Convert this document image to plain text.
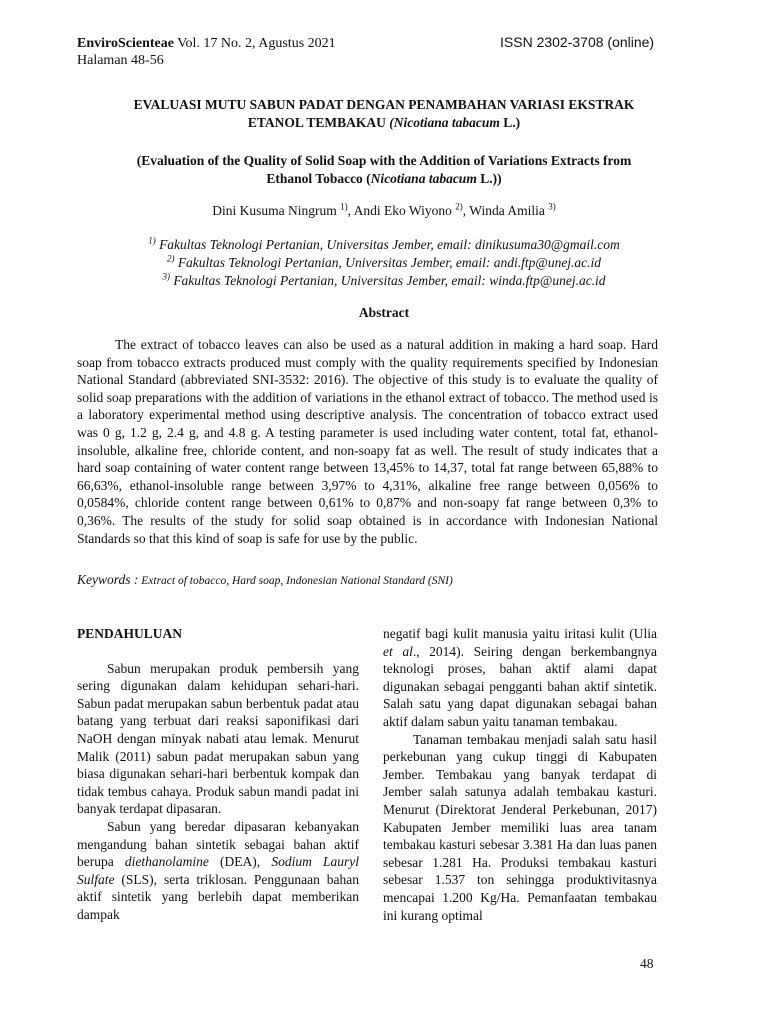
EnviroScienteae Vol. 17 No. 2, Agustus 2021
Halaman 48-56
ISSN 2302-3708 (online)
EVALUASI MUTU SABUN PADAT DENGAN PENAMBAHAN VARIASI EKSTRAK
ETANOL TEMBAKAU (Nicotiana tabacum L.)
(Evaluation of the Quality of Solid Soap with the Addition of Variations Extracts from
Ethanol Tobacco (Nicotiana tabacum L.))
Dini Kusuma Ningrum $^{1)}$, Andi Eko Wiyono $^{2)}$, Winda Amilia $^{3)}$
$^{1)}$ Fakultas Teknologi Pertanian, Universitas Jember, email: dinikusuma30@gmail.com
$^{2)}$ Fakultas Teknologi Pertanian, Universitas Jember, email: andi.ftp@unej.ac.id
$^{3)}$ Fakultas Teknologi Pertanian, Universitas Jember, email: winda.ftp@unej.ac.id
Abstract

The extract of tobacco leaves can also be used as a natural addition in making a hard soap. Hard soap from tobacco extracts produced must comply with the quality requirements specified by Indonesian National Standard (abbreviated SNI-3532: 2016). The objective of this study is to evaluate the quality of solid soap preparations with the addition of variations in the ethanol extract of tobacco. The method used is a laboratory experimental method using descriptive analysis. The concentration of tobacco extract used was 0 g, 1.2 g, 2.4 g, and 4.8 g. A testing parameter is used including water content, total fat, ethanol-insoluble, alkaline free, chloride content, and non-soapy fat as well. The result of study indicates that a hard soap containing of water content range between 13,45% to 14,37, total fat range between 65,88% to 66,63%, ethanol-insoluble range between 3,97% to 4,31%, alkaline free range between 0,056% to 0,0584%, chloride content range between 0,61% to 0,87% and non-soapy fat range between 0,3% to 0,36%. The results of the study for solid soap obtained is in accordance with Indonesian National Standards so that this kind of soap is safe for use by the public.

Keywords : Extract of tobacco, Hard soap, Indonesian National Standard (SNI)
PENDAHULUAN

Sabun merupakan produk pembersih yang sering digunakan dalam kehidupan sehari-hari. Sabun padat merupakan sabun berbentuk padat atau batang yang terbuat dari reaksi saponifikasi dari NaOH dengan minyak nabati atau lemak. Menurut Malik (2011) sabun padat merupakan sabun yang biasa digunakan sehari-hari berbentuk kompak dan tidak tembus cahaya. Produk sabun mandi padat ini banyak terdapat dipasaran.

Sabun yang beredar dipasaran kebanyakan mengandung bahan sintetik sebagai bahan aktif berupa diethanolamine (DEA), Sodium Lauryl Sulfate (SLS), serta triklosan. Penggunaan bahan aktif sintetik yang berlebih dapat memberikan dampak

negatif bagi kulit manusia yaitu iritasi kulit (Ulia et al., 2014). Seiring dengan berkembangnya teknologi proses, bahan aktif alami dapat digunakan sebagai pengganti bahan aktif sintetik. Salah satu yang dapat digunakan sebagai bahan aktif dalam sabun yaitu tanaman tembakau.

Tanaman tembakau menjadi salah satu hasil perkebunan yang cukup tinggi di Kabupaten Jember. Tembakau yang banyak terdapat di Jember salah satunya adalah tembakau kasturi. Menurut (Direktorat Jenderal Perkebunan, 2017) Kabupaten Jember memiliki luas area tanam tembakau kasturi sebesar 3.381 Ha dan luas panen sebesar 1.281 Ha. Produksi tembakau kasturi sebesar 1.537 ton sehingga produktivitasnya mencapai 1.200 Kg/Ha. Pemanfaatan tembakau ini kurang optimal

48
